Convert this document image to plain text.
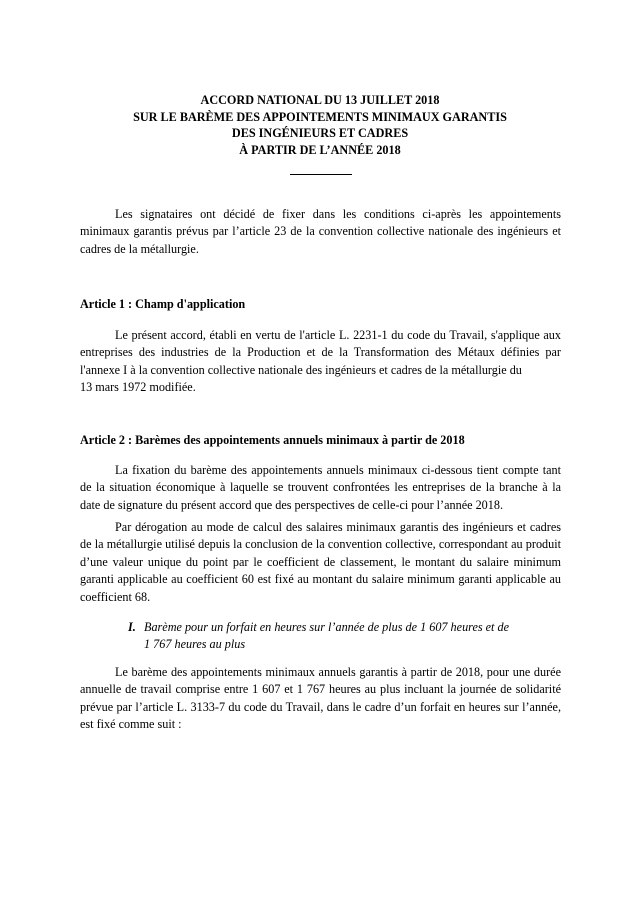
ACCORD NATIONAL DU 13 JUILLET 2018
SUR LE BARÈME DES APPOINTEMENTS MINIMAUX GARANTIS
DES INGÉNIEURS ET CADRES
À PARTIR DE L’ANNÉE 2018

Les signataires ont décidé de fixer dans les conditions ci-après les appointements minimaux garantis prévus par l’article 23 de la convention collective nationale des ingénieurs et cadres de la métallurgie.

Article 1 : Champ d'application

Le présent accord, établi en vertu de l'article L. 2231-1 du code du Travail, s'applique aux entreprises des industries de la Production et de la Transformation des Métaux définies par l'annexe I à la convention collective nationale des ingénieurs et cadres de la métallurgie du
13 mars 1972 modifiée.

Article 2 : Barèmes des appointements annuels minimaux à partir de 2018

La fixation du barème des appointements annuels minimaux ci-dessous tient compte tant de la situation économique à laquelle se trouvent confrontées les entreprises de la branche à la date de signature du présent accord que des perspectives de celle-ci pour l’année 2018.

Par dérogation au mode de calcul des salaires minimaux garantis des ingénieurs et cadres de la métallurgie utilisé depuis la conclusion de la convention collective, correspondant au produit d’une valeur unique du point par le coefficient de classement, le montant du salaire minimum garanti applicable au coefficient 60 est fixé au montant du salaire minimum garanti applicable au coefficient 68.

I. Barème pour un forfait en heures sur l’année de plus de 1 607 heures et de
1 767 heures au plus

Le barème des appointements minimaux annuels garantis à partir de 2018, pour une durée annuelle de travail comprise entre 1 607 et 1 767 heures au plus incluant la journée de solidarité prévue par l’article L. 3133-7 du code du Travail, dans le cadre d’un forfait en heures sur l’année, est fixé comme suit :
